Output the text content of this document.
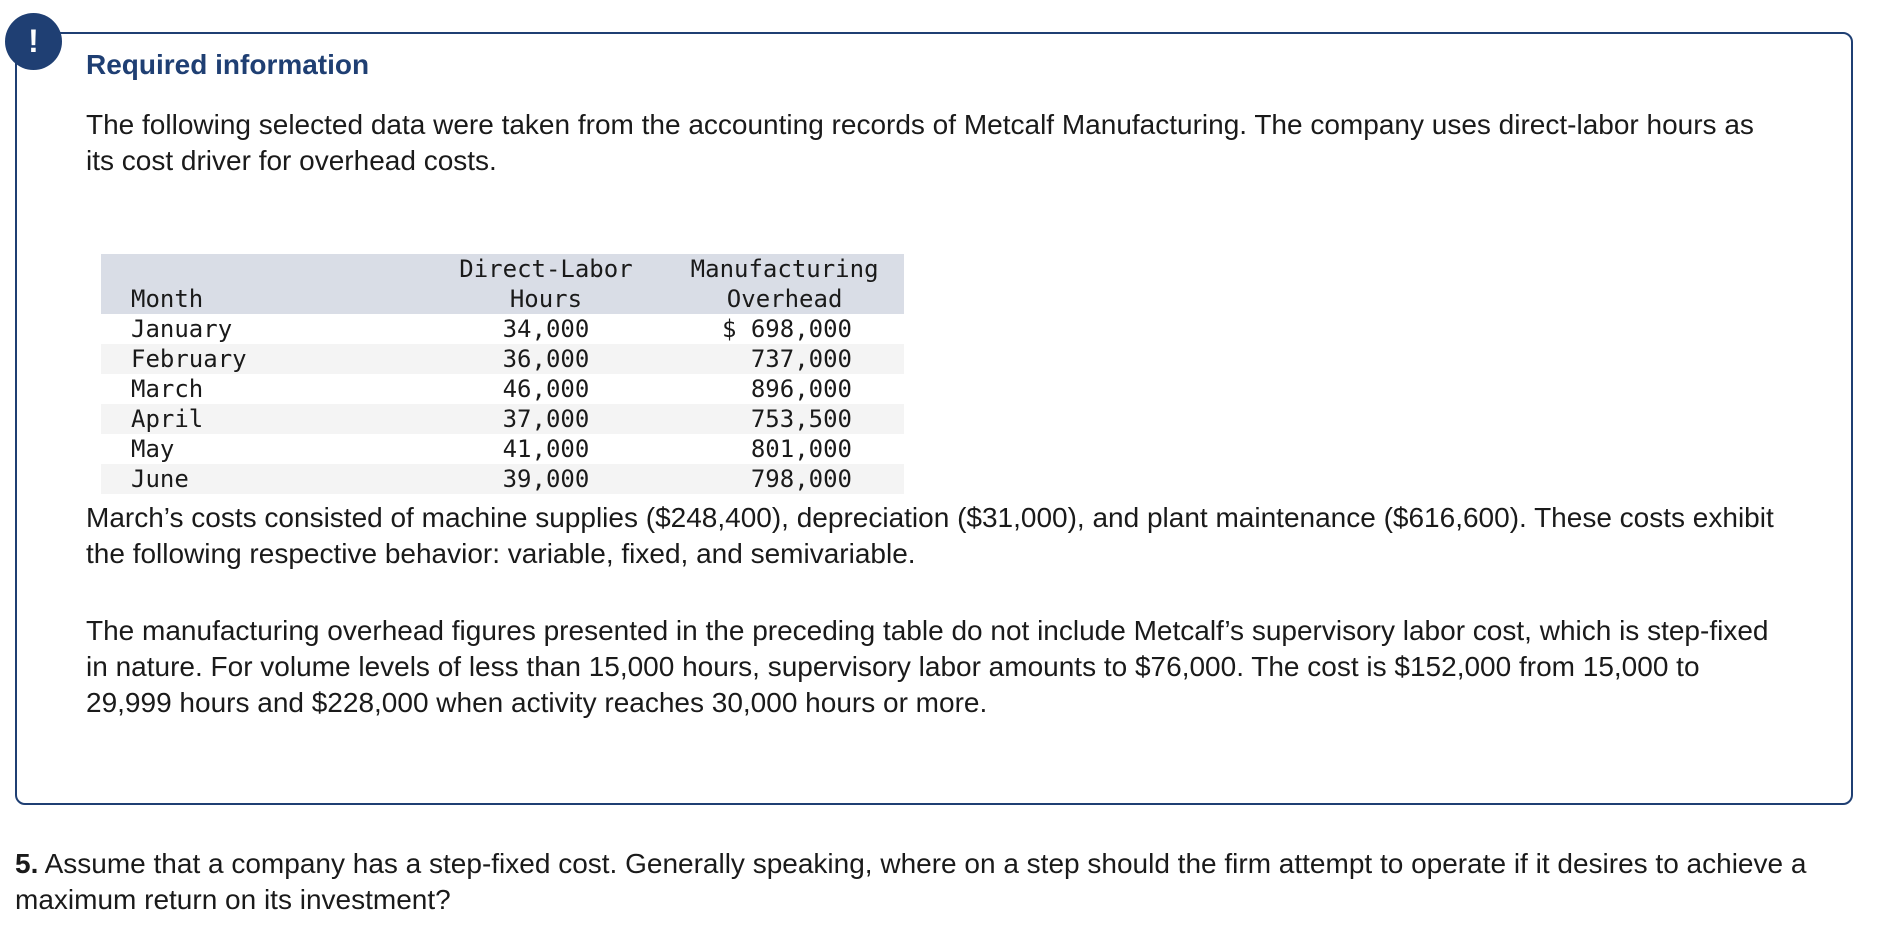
!
Required information

The following selected data were taken from the accounting records of Metcalf Manufacturing. The company uses direct-labor hours as its cost driver for overhead costs.

	Direct-Labor	Manufacturing
Month	Hours	Overhead
January	34,000	$ 698,000
February	36,000	737,000
March	46,000	896,000
April	37,000	753,500
May	41,000	801,000
June	39,000	798,000

March’s costs consisted of machine supplies ($248,400), depreciation ($31,000), and plant maintenance ($616,600). These costs exhibit the following respective behavior: variable, fixed, and semivariable.

The manufacturing overhead figures presented in the preceding table do not include Metcalf’s supervisory labor cost, which is step-fixed in nature. For volume levels of less than 15,000 hours, supervisory labor amounts to $76,000. The cost is $152,000 from 15,000 to 29,999 hours and $228,000 when activity reaches 30,000 hours or more.

5. Assume that a company has a step-fixed cost. Generally speaking, where on a step should the firm attempt to operate if it desires to achieve a maximum return on its investment?
